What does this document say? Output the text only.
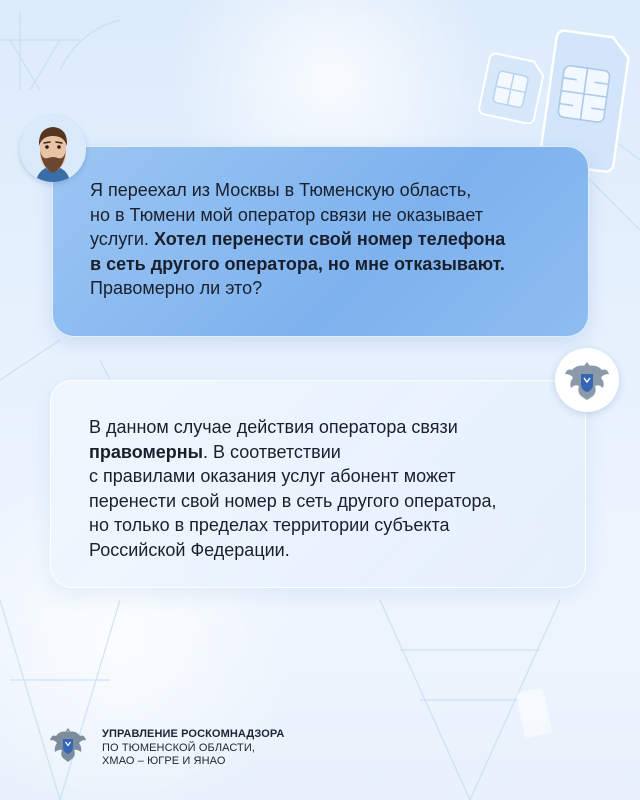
Я переехал из Москвы в Тюменскую область,
но в Тюмени мой оператор связи не оказывает
услуги. Хотел перенести свой номер телефона
в сеть другого оператора, но мне отказывают.
Правомерно ли это?

В данном случае действия оператора связи
правомерны. В соответствии
с правилами оказания услуг абонент может
перенести свой номер в сеть другого оператора,
но только в пределах территории субъекта
Российской Федерации.

УПРАВЛЕНИЕ РОСКОМНАДЗОРА
ПО ТЮМЕНСКОЙ ОБЛАСТИ,
ХМАО – ЮГРЕ И ЯНАО
